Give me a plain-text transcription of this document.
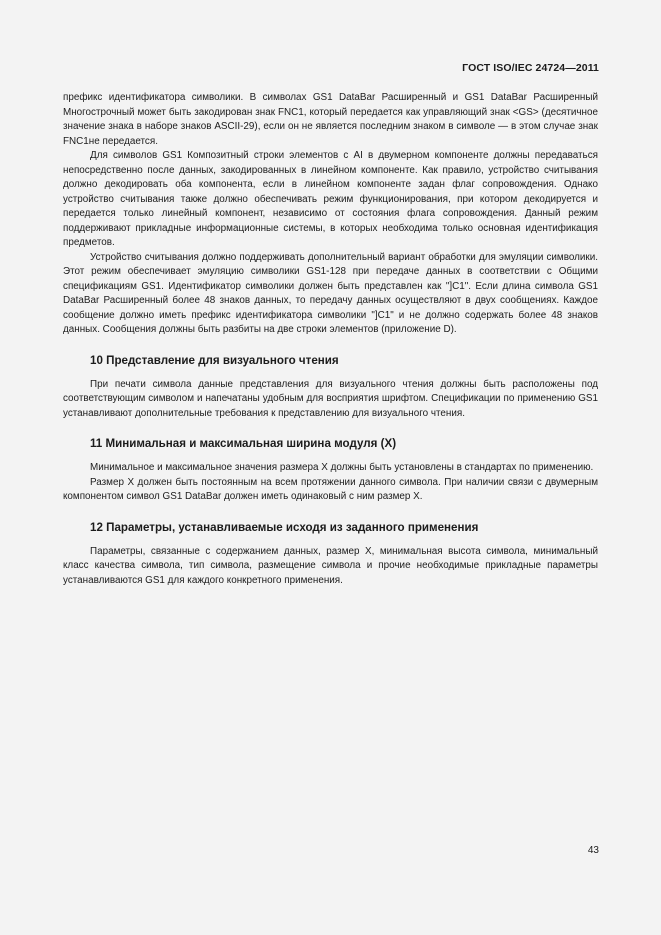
ГОСТ ISO/IEC 24724—2011

префикс идентификатора символики. В символах GS1 DataBar Расширенный и GS1 DataBar Расширенный Многострочный может быть закодирован знак FNC1, который передается как управляющий знак <GS> (десятичное значение знака в наборе знаков ASCII-29), если он не является последним знаком в символе — в этом случае знак FNC1не передается.

Для символов GS1 Композитный строки элементов с AI в двумерном компоненте должны передаваться непосредственно после данных, закодированных в линейном компоненте. Как правило, устройство считывания должно декодировать оба компонента, если в линейном компоненте задан флаг сопровождения. Однако устройство считывания также должно обеспечивать режим функционирования, при котором декодируется и передается только линейный компонент, независимо от состояния флага сопровождения. Данный режим поддерживают прикладные информационные системы, в которых необходима только основная идентификация предметов.

Устройство считывания должно поддерживать дополнительный вариант обработки для эмуляции символики. Этот режим обеспечивает эмуляцию символики GS1-128 при передаче данных в соответствии с Общими спецификациям GS1. Идентификатор символики должен быть представлен как "]C1". Если длина символа GS1 DataBar Расширенный более 48 знаков данных, то передачу данных осуществляют в двух сообщениях. Каждое сообщение должно иметь префикс идентификатора символики "]C1" и не должно содержать более 48 знаков данных. Сообщения должны быть разбиты на две строки элементов (приложение D).

10 Представление для визуального чтения

При печати символа данные представления для визуального чтения должны быть расположены под соответствующим символом и напечатаны удобным для восприятия шрифтом. Спецификации по применению GS1 устанавливают дополнительные требования к представлению для визуального чтения.

11 Минимальная и максимальная ширина модуля (X)

Минимальное и максимальное значения размера X должны быть установлены в стандартах по применению.

Размер X должен быть постоянным на всем протяжении данного символа. При наличии связи с двумерным компонентом символ GS1 DataBar должен иметь одинаковый с ним размер X.

12 Параметры, устанавливаемые исходя из заданного применения

Параметры, связанные с содержанием данных, размер X, минимальная высота символа, минимальный класс качества символа, тип символа, размещение символа и прочие необходимые прикладные параметры устанавливаются GS1 для каждого конкретного применения.

43
